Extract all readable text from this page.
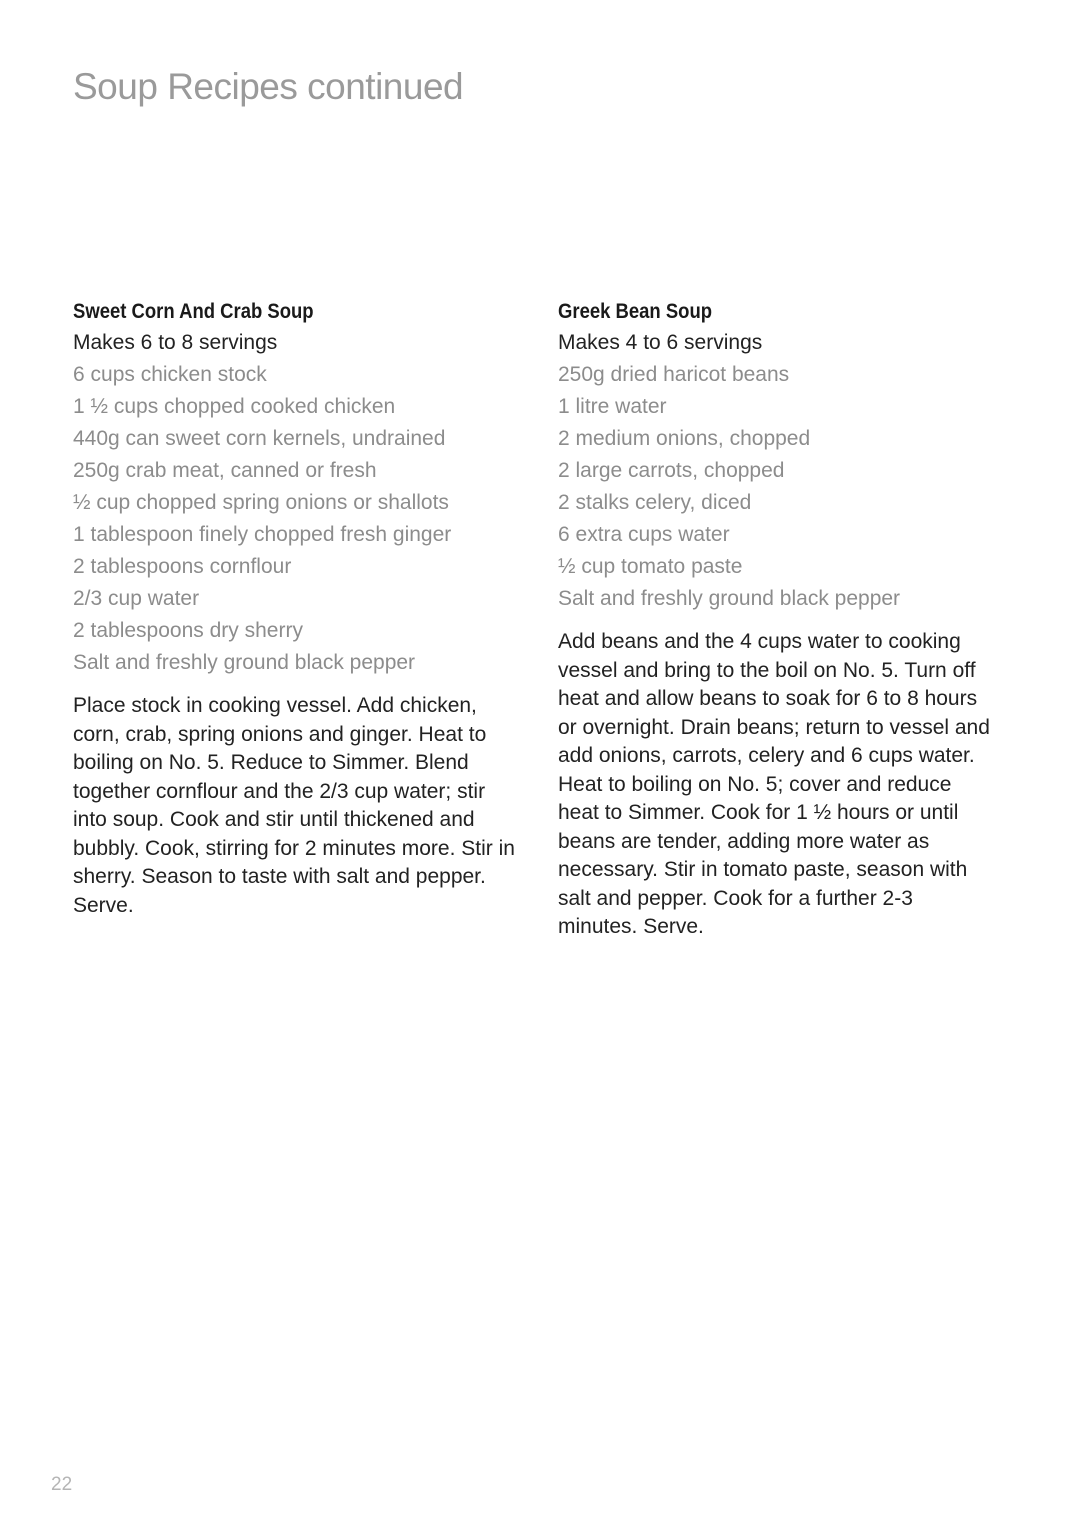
Soup Recipes continued
Sweet Corn And Crab Soup

Makes 6 to 8 servings

6 cups chicken stock
1 ½ cups chopped cooked chicken
440g can sweet corn kernels, undrained
250g crab meat, canned or fresh
½ cup chopped spring onions or shallots
1 tablespoon finely chopped fresh ginger
2 tablespoons cornflour
2/3 cup water
2 tablespoons dry sherry
Salt and freshly ground black pepper

Place stock in cooking vessel. Add chicken, corn, crab, spring onions and ginger. Heat to boiling on No. 5. Reduce to Simmer. Blend together cornflour and the 2/3 cup water; stir into soup. Cook and stir until thickened and bubbly. Cook, stirring for 2 minutes more. Stir in sherry. Season to taste with salt and pepper. Serve.

Greek Bean Soup

Makes 4 to 6 servings

250g dried haricot beans
1 litre water
2 medium onions, chopped
2 large carrots, chopped
2 stalks celery, diced
6 extra cups water
½ cup tomato paste
Salt and freshly ground black pepper

Add beans and the 4 cups water to cooking vessel and bring to the boil on No. 5. Turn off heat and allow beans to soak for 6 to 8 hours or overnight. Drain beans; return to vessel and add onions, carrots, celery and 6 cups water. Heat to boiling on No. 5; cover and reduce heat to Simmer. Cook for 1 ½ hours or until beans are tender, adding more water as necessary. Stir in tomato paste, season with salt and pepper. Cook for a further 2-3 minutes. Serve.

22
